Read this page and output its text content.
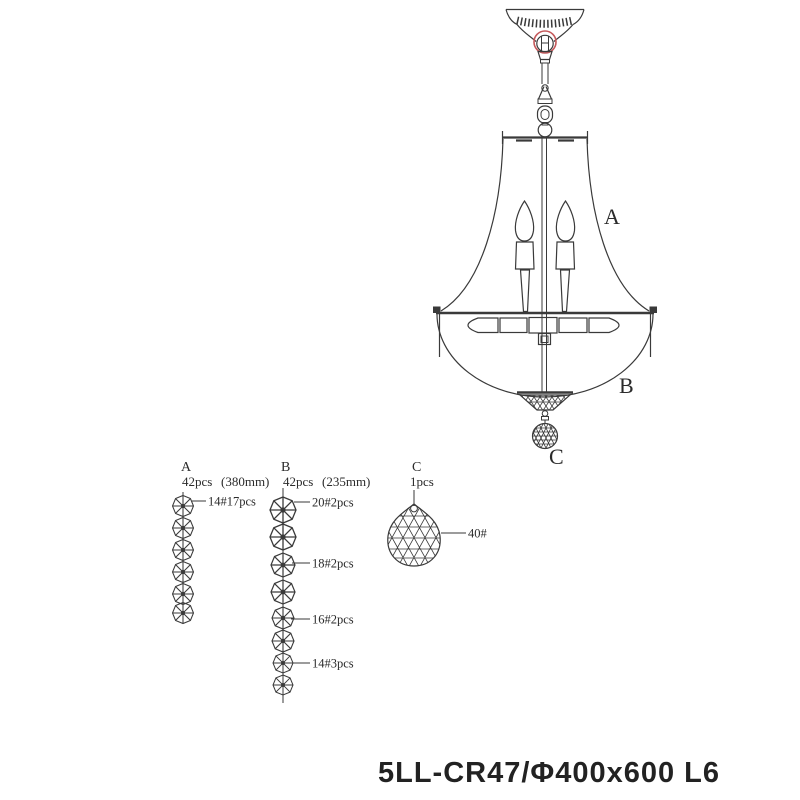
A
B
C
A
42pcs (380mm)
14#17pcs
B
42pcs (235mm)
20#2pcs
18#2pcs
16#2pcs
14#3pcs
C
1pcs
40#
5LL-CR47/Φ400x600 L6
